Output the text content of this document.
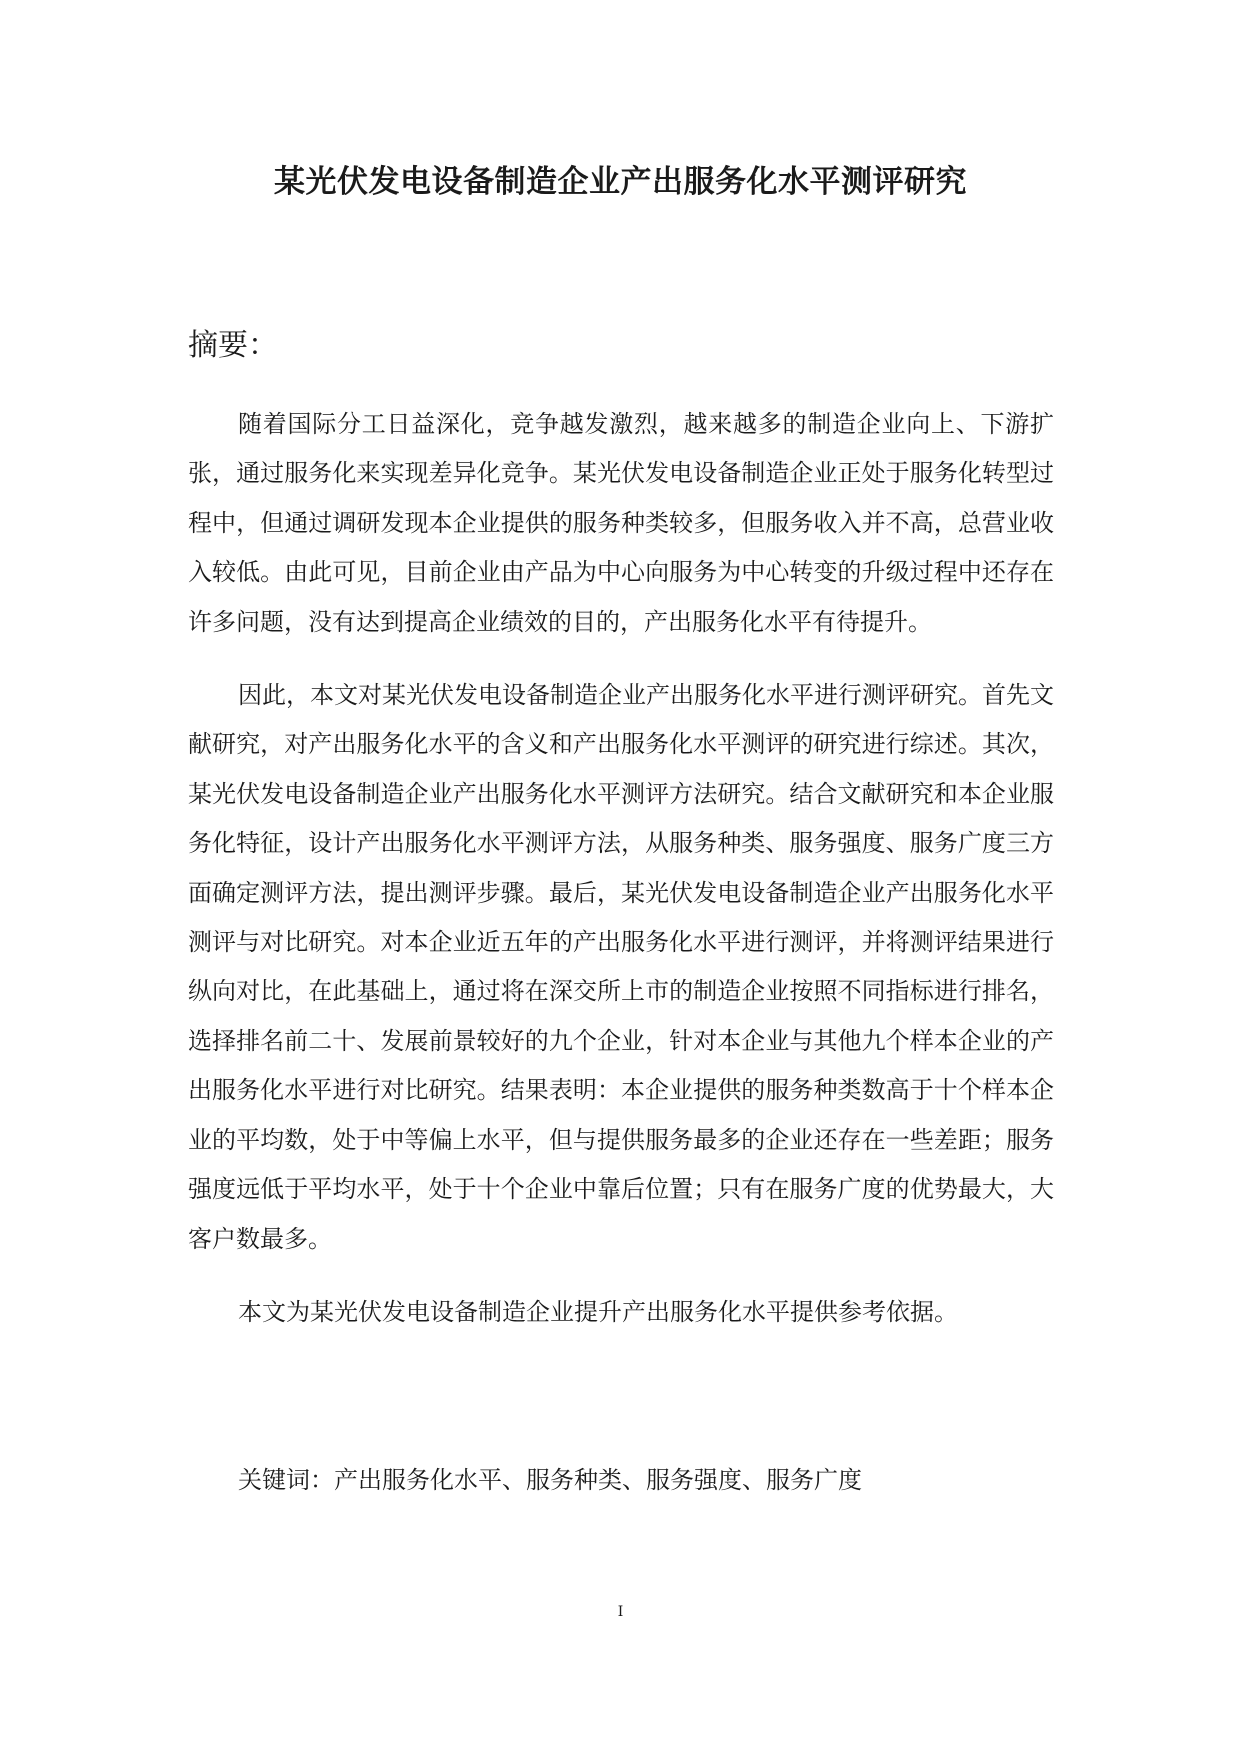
某光伏发电设备制造企业产出服务化水平测评研究
摘要：

随着国际分工日益深化，竞争越发激烈，越来越多的制造企业向上、下游扩张，通过服务化来实现差异化竞争。某光伏发电设备制造企业正处于服务化转型过程中，但通过调研发现本企业提供的服务种类较多，但服务收入并不高，总营业收入较低。由此可见，目前企业由产品为中心向服务为中心转变的升级过程中还存在许多问题，没有达到提高企业绩效的目的，产出服务化水平有待提升。

因此，本文对某光伏发电设备制造企业产出服务化水平进行测评研究。首先文献研究，对产出服务化水平的含义和产出服务化水平测评的研究进行综述。其次，某光伏发电设备制造企业产出服务化水平测评方法研究。结合文献研究和本企业服务化特征，设计产出服务化水平测评方法，从服务种类、服务强度、服务广度三方面确定测评方法，提出测评步骤。最后，某光伏发电设备制造企业产出服务化水平测评与对比研究。对本企业近五年的产出服务化水平进行测评，并将测评结果进行纵向对比，在此基础上，通过将在深交所上市的制造企业按照不同指标进行排名，选择排名前二十、发展前景较好的九个企业，针对本企业与其他九个样本企业的产出服务化水平进行对比研究。结果表明：本企业提供的服务种类数高于十个样本企业的平均数，处于中等偏上水平，但与提供服务最多的企业还存在一些差距；服务强度远低于平均水平，处于十个企业中靠后位置；只有在服务广度的优势最大，大客户数最多。

本文为某光伏发电设备制造企业提升产出服务化水平提供参考依据。

关键词：产出服务化水平、服务种类、服务强度、服务广度
I
